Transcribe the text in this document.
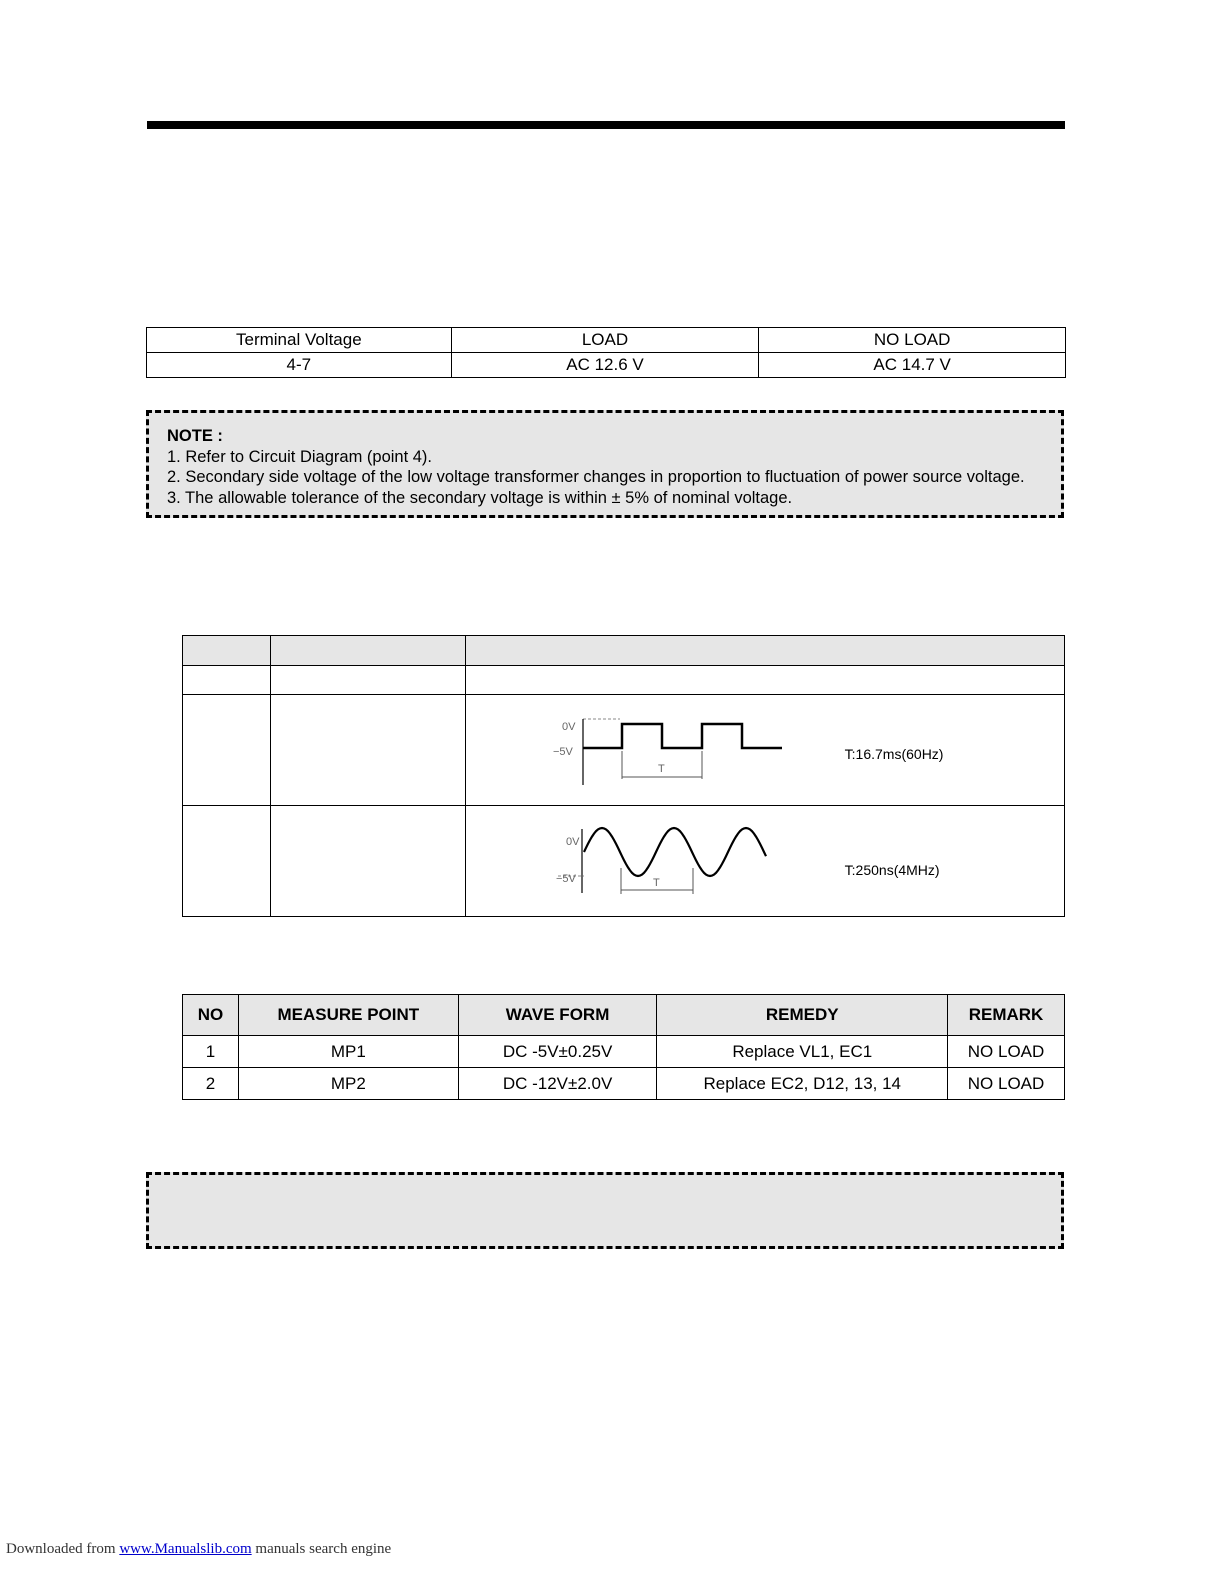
Terminal Voltage	LOAD	NO LOAD
4-7	AC 12.6 V	AC 14.7 V
NOTE :
1. Refer to Circuit Diagram (point 4).
2. Secondary side voltage of the low voltage transformer changes in proportion to fluctuation of power source voltage.
3. The allowable tolerance of the secondary voltage is within ± 5% of nominal voltage.

0V
−5V
T
T:16.7ms(60Hz)

0V
−5V T
T:250ns(4MHz)
NO	MEASURE POINT	WAVE FORM	REMEDY	REMARK
1	MP1	DC -5V±0.25V	Replace VL1, EC1	NO LOAD
2	MP2	DC -12V±2.0V	Replace EC2, D12, 13, 14	NO LOAD
Downloaded from www.Manualslib.com manuals search engine
